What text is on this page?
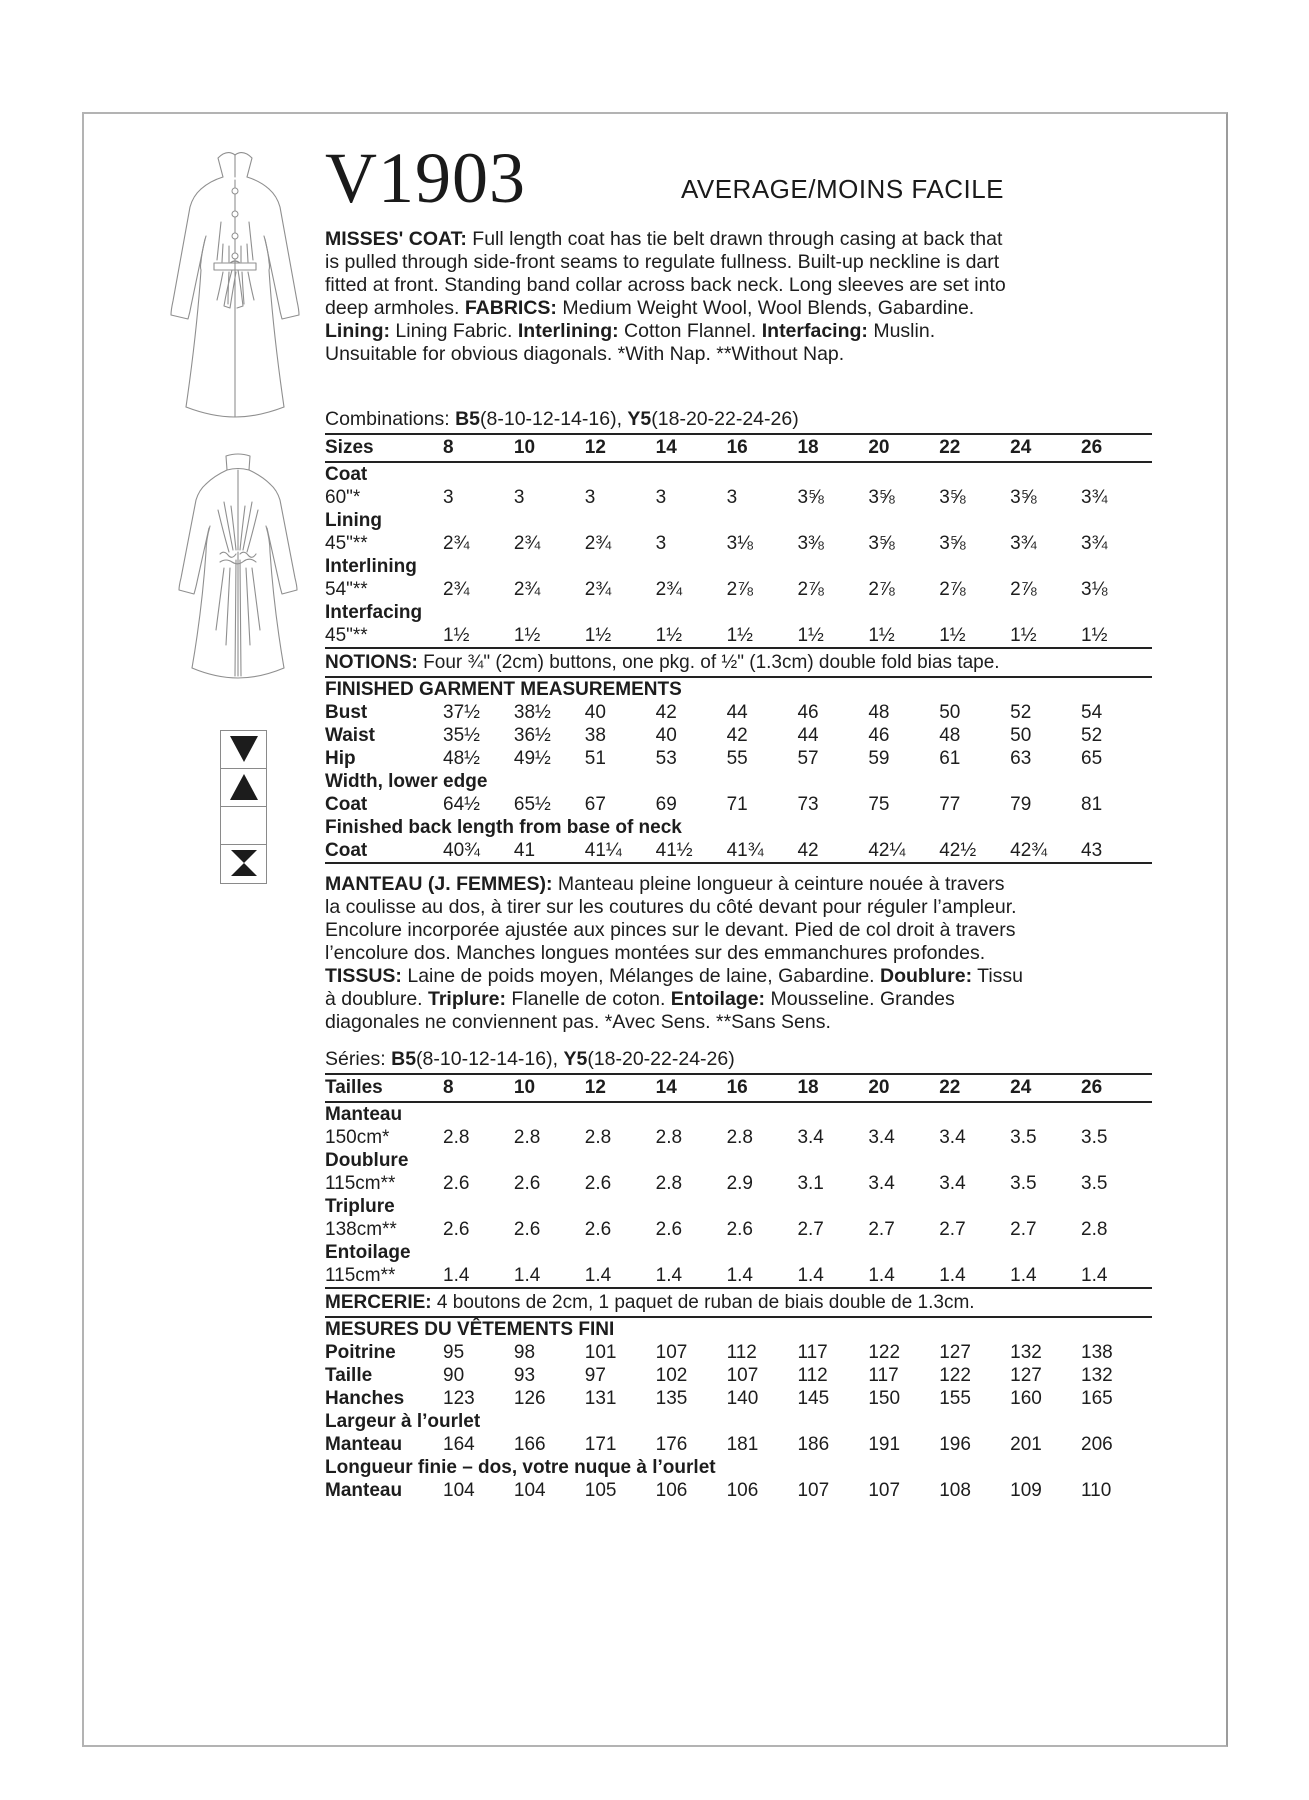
V1903	AVERAGE/MOINS FACILE

MISSES' COAT: Full length coat has tie belt drawn through casing at back that is pulled through side-front seams to regulate fullness. Built-up neckline is dart fitted at front. Standing band collar across back neck. Long sleeves are set into deep armholes. FABRICS: Medium Weight Wool, Wool Blends, Gabardine. Lining: Lining Fabric. Interlining: Cotton Flannel. Interfacing: Muslin. Unsuitable for obvious diagonals. *With Nap. **Without Nap.

Combinations: B5(8-10-12-14-16), Y5(18-20-22-24-26)

Sizes	8	10	12	14	16	18	20	22	24	26
Coat										
60"*	3	3	3	3	3	3⅝	3⅝	3⅝	3⅝	3¾
Lining										
45"**	2¾	2¾	2¾	3	3⅛	3⅜	3⅝	3⅝	3¾	3¾
Interlining										
54"**	2¾	2¾	2¾	2¾	2⅞	2⅞	2⅞	2⅞	2⅞	3⅛
Interfacing										
45"**	1½	1½	1½	1½	1½	1½	1½	1½	1½	1½
NOTIONS: Four ¾" (2cm) buttons, one pkg. of ½" (1.3cm) double fold bias tape.										
FINISHED GARMENT MEASUREMENTS										
Bust	37½	38½	40	42	44	46	48	50	52	54
Waist	35½	36½	38	40	42	44	46	48	50	52
Hip	48½	49½	51	53	55	57	59	61	63	65
Width, lower edge										
Coat	64½	65½	67	69	71	73	75	77	79	81
Finished back length from base of neck										
Coat	40¾	41	41¼	41½	41¾	42	42¼	42½	42¾	43

MANTEAU (J. FEMMES): Manteau pleine longueur à ceinture nouée à travers la coulisse au dos, à tirer sur les coutures du côté devant pour réguler l’ampleur. Encolure incorporée ajustée aux pinces sur le devant. Pied de col droit à travers l’encolure dos. Manches longues montées sur des emmanchures profondes. TISSUS: Laine de poids moyen, Mélanges de laine, Gabardine. Doublure: Tissu à doublure. Triplure: Flanelle de coton. Entoilage: Mousseline. Grandes diagonales ne conviennent pas. *Avec Sens. **Sans Sens.

Séries: B5(8-10-12-14-16), Y5(18-20-22-24-26)

Tailles	8	10	12	14	16	18	20	22	24	26
Manteau										
150cm*	2.8	2.8	2.8	2.8	2.8	3.4	3.4	3.4	3.5	3.5
Doublure										
115cm**	2.6	2.6	2.6	2.8	2.9	3.1	3.4	3.4	3.5	3.5
Triplure										
138cm**	2.6	2.6	2.6	2.6	2.6	2.7	2.7	2.7	2.7	2.8
Entoilage										
115cm**	1.4	1.4	1.4	1.4	1.4	1.4	1.4	1.4	1.4	1.4
MERCERIE: 4 boutons de 2cm, 1 paquet de ruban de biais double de 1.3cm.										
MESURES DU VÊTEMENTS FINI										
Poitrine	95	98	101	107	112	117	122	127	132	138
Taille	90	93	97	102	107	112	117	122	127	132
Hanches	123	126	131	135	140	145	150	155	160	165
Largeur à l’ourlet										
Manteau	164	166	171	176	181	186	191	196	201	206
Longueur finie – dos, votre nuque à l’ourlet										
Manteau	104	104	105	106	106	107	107	108	109	110
